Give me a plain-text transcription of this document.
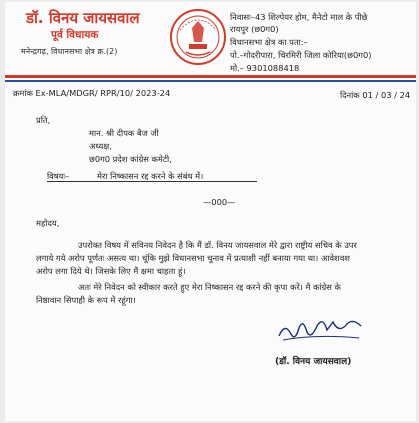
डॉ. विनय जायसवाल
पूर्व विधायक
मनेन्द्रगढ़, विधानसभा क्षेत्र क्र.(2)
निवासः–43 शिल्पेयर होम, मैनेटो माल के पीछे
रायपुर (छ0ग0)
विधानसभा क्षेत्र का पता:–
पो.–गोदरीपारा, चिरमिरी जिला कोरिया(छ0ग0)
मो.– 9301088418
क्रमांक Ex-MLA/MDGR/ RPR/10/ 2023-24	दिनांक 01 / 03 / 24
प्रति,
मान. श्री दीपक बैज जी
अध्यक्ष,
छ0ग0 प्रदेश कांग्रेस कमेटी,
विषयः–	मेरा निष्कासन रद्द करने के संबंध में।
—000—
महोदय,
उपरोक्त विषय में सविनय निवेदन है कि मैं डॉ. विनय जायसवाल मेरे द्वारा राष्ट्रीय सचिव के उपर लगाये गये अरोप पूर्णतः असत्य था। चूंकि मुझे विधानसभा चुनाव में प्रत्याशी नहीं बनाया गया था। आवेशवश अरोप लगा दिये थे। जिसके लिए मैं क्षमा चाहता हूं।
अतः मेरे निवेदन को स्वीकार करते हुए मेरा निष्कासन रद्द करने की कृपा करें। मै कांग्रेस के निष्ठावान सिपाही के रूप में रहूंगा।
(डॉ. विनय जायसवाल)
